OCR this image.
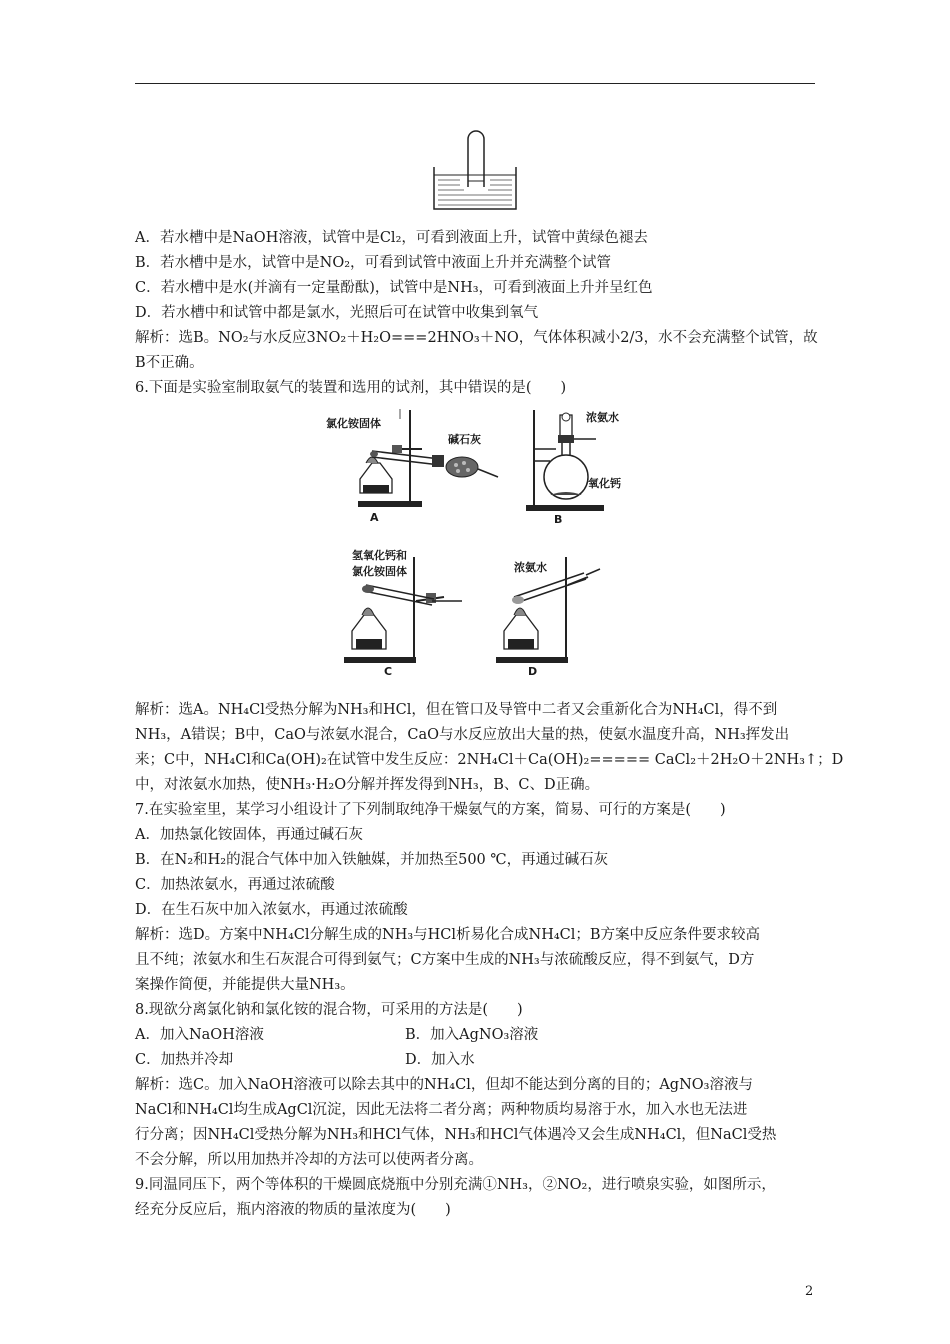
A．若水槽中是NaOH溶液，试管中是Cl₂，可看到液面上升，试管中黄绿色褪去
B．若水槽中是水，试管中是NO₂，可看到试管中液面上升并充满整个试管
C．若水槽中是水(并滴有一定量酚酞)，试管中是NH₃，可看到液面上升并呈红色
D．若水槽中和试管中都是氯水，光照后可在试管中收集到氧气
解析：选B。NO₂与水反应3NO₂＋H₂O===2HNO₃＋NO，气体体积减小2/3，水不会充满整个试管，故
B不正确。
6.下面是实验室制取氨气的装置和选用的试剂，其中错误的是(　　)
氯化铵固体
碱石灰
A
浓氨水
氧化钙
B
氢氧化钙和
氯化铵固体
C
浓氨水
D
解析：选A。NH₄Cl受热分解为NH₃和HCl，但在管口及导管中二者又会重新化合为NH₄Cl，得不到
NH₃，A错误；B中，CaO与浓氨水混合，CaO与水反应放出大量的热，使氨水温度升高，NH₃挥发出
来；C中，NH₄Cl和Ca(OH)₂在试管中发生反应：2NH₄Cl＋Ca(OH)₂===== CaCl₂＋2H₂O＋2NH₃↑；D
中，对浓氨水加热，使NH₃·H₂O分解并挥发得到NH₃，B、C、D正确。
7.在实验室里，某学习小组设计了下列制取纯净干燥氨气的方案，简易、可行的方案是(　　)
A．加热氯化铵固体，再通过碱石灰
B．在N₂和H₂的混合气体中加入铁触媒，并加热至500 ℃，再通过碱石灰
C．加热浓氨水，再通过浓硫酸
D．在生石灰中加入浓氨水，再通过浓硫酸
解析：选D。方案中NH₄Cl分解生成的NH₃与HCl析易化合成NH₄Cl；B方案中反应条件要求较高
且不纯；浓氨水和生石灰混合可得到氨气；C方案中生成的NH₃与浓硫酸反应，得不到氨气，D方
案操作简便，并能提供大量NH₃。
8.现欲分离氯化钠和氯化铵的混合物，可采用的方法是(　　)
A．加入NaOH溶液	B．加入AgNO₃溶液
C．加热并冷却	D．加入水
解析：选C。加入NaOH溶液可以除去其中的NH₄Cl，但却不能达到分离的目的；AgNO₃溶液与
NaCl和NH₄Cl均生成AgCl沉淀，因此无法将二者分离；两种物质均易溶于水，加入水也无法进
行分离；因NH₄Cl受热分解为NH₃和HCl气体，NH₃和HCl气体遇冷又会生成NH₄Cl，但NaCl受热
不会分解，所以用加热并冷却的方法可以使两者分离。
9.同温同压下，两个等体积的干燥圆底烧瓶中分别充满①NH₃，②NO₂，进行喷泉实验，如图所示，
经充分反应后，瓶内溶液的物质的量浓度为(　　)
2
